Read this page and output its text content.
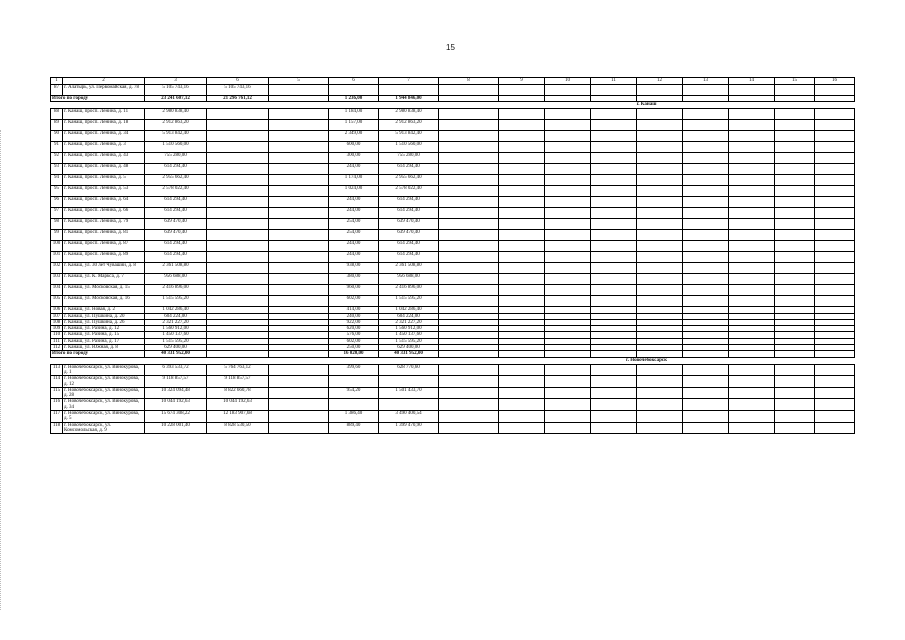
15
1	2	3	6	5	6	7	8	9	10	11	12	13	14	15	16
87	г. Алатырь, ул. Первомайская, д. 78	5 105 743,16	5 105 743,16												
Итого по городу		23 241 607,12	21 296 761,12		1 236,00	1 944 846,00									
							г. Канаш								
88	г. Канаш, просп. Ленина, д. 11	2 980 838,40			1 184,00	2 980 838,40									
89	г. Канаш, просп. Ленина, д. 18	2 912 863,20			1 157,00	2 912 863,20									
90	г. Канаш, просп. Ленина, д. 34	5 913 842,40			2 349,00	5 913 842,40									
91	г. Канаш, просп. Ленина, д. 3	1 510 560,00			600,00	1 510 560,00									
92	г. Канаш, просп. Ленина, д. 43	755 280,00			300,00	755 280,00									
93	г. Канаш, просп. Ленина, д. 48	614 294,40			244,00	614 294,40									
94	г. Канаш, просп. Ленина, д. 5	2 955 662,40			1 174,00	2 955 662,40									
95	г. Канаш, просп. Ленина, д. 53	2 578 022,40			1 024,00	2 578 022,40									
96	г. Канаш, просп. Ленина, д. 64	614 294,40			244,00	614 294,40									
97	г. Канаш, просп. Ленина, д. 66	614 294,40			244,00	614 294,40									
98	г. Канаш, просп. Ленина, д. 79	639 470,40			254,00	639 470,40									
99	г. Канаш, просп. Ленина, д. 81	639 470,40			254,00	639 470,40									
100	г. Канаш, просп. Ленина, д. 87	614 294,40			244,00	614 294,40									
101	г. Канаш, просп. Ленина, д. 89	614 294,40			244,00	614 294,40									
102	г. Канаш, ул. 30 лет Чувашии, д. 8	2 361 508,80			938,00	2 361 508,80									
103	г. Канаш, ул. К. Маркса, д. 7	956 688,00			380,00	956 688,00									
104	г. Канаш, ул. Московская, д. 15	2 416 896,00			960,00	2 416 896,00									
105	г. Канаш, ул. Московская, д. 16	1 515 595,20			602,00	1 515 595,20									
106	г. Канаш, ул. Новая, д. 2	1 042 286,40			414,00	1 042 286,40									
107	г. Канаш, ул. Пушкина, д. 20	604 224,00			240,00	604 224,00									
108	г. Канаш, ул. Пушкина, д. 26	2 321 227,20			922,00	2 321 227,20									
109	г. Канаш, ул. Разина, д. 12	1 560 912,00			620,00	1 560 912,00									
110	г. Канаш, ул. Разина, д. 15	1 450 137,60			576,00	1 450 137,60									
111	г. Канаш, ул. Разина, д. 17	1 515 595,20			602,00	1 515 595,20									
112	г. Канаш, ул. Южная, д. 8	629 400,00			250,00	629 400,00									
Итого по городу		40 331 952,00			16 020,00	40 331 952,00									
							г. Новочебоксарск								
113	г. Новочебоксарск, ул. Винокурова, д. 1	6 393 533,72	5 764 763,12		399,60	628 770,60									
114	г. Новочебоксарск, ул. Винокурова, д. 12	9 118 857,57	9 118 857,57												
115	г. Новочебоксарск, ул. Винокурова, д. 28	10 324 094,48	8 822 660,78		954,20	1 501 433,70									
116	г. Новочебоксарск, ул. Винокурова, д. 34	10 044 192,63	10 044 192,63												
117	г. Новочебоксарск, ул. Винокурова, д. 5	15 674 308,22	12 183 907,68		1 386,40	3 490 400,54									
118	г. Новочебоксарск, ул. Комсомольская, д. 9	10 228 001,40	8 828 530,50		889,40	1 399 470,90									
